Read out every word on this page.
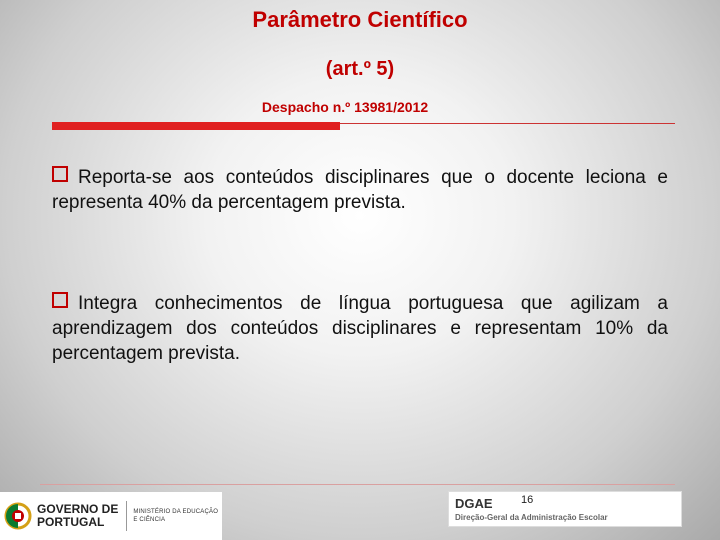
Parâmetro Científico
(art.º 5)
Despacho n.º 13981/2012
Reporta-se aos conteúdos disciplinares que o docente leciona e representa 40% da percentagem prevista.
Integra conhecimentos de língua portuguesa que agilizam a aprendizagem dos conteúdos disciplinares e representam 10% da percentagem prevista.
GOVERNO DE
PORTUGAL
MINISTÉRIO DA EDUCAÇÃO
E CIÊNCIA
DGAE
Direção-Geral da Administração Escolar
16
